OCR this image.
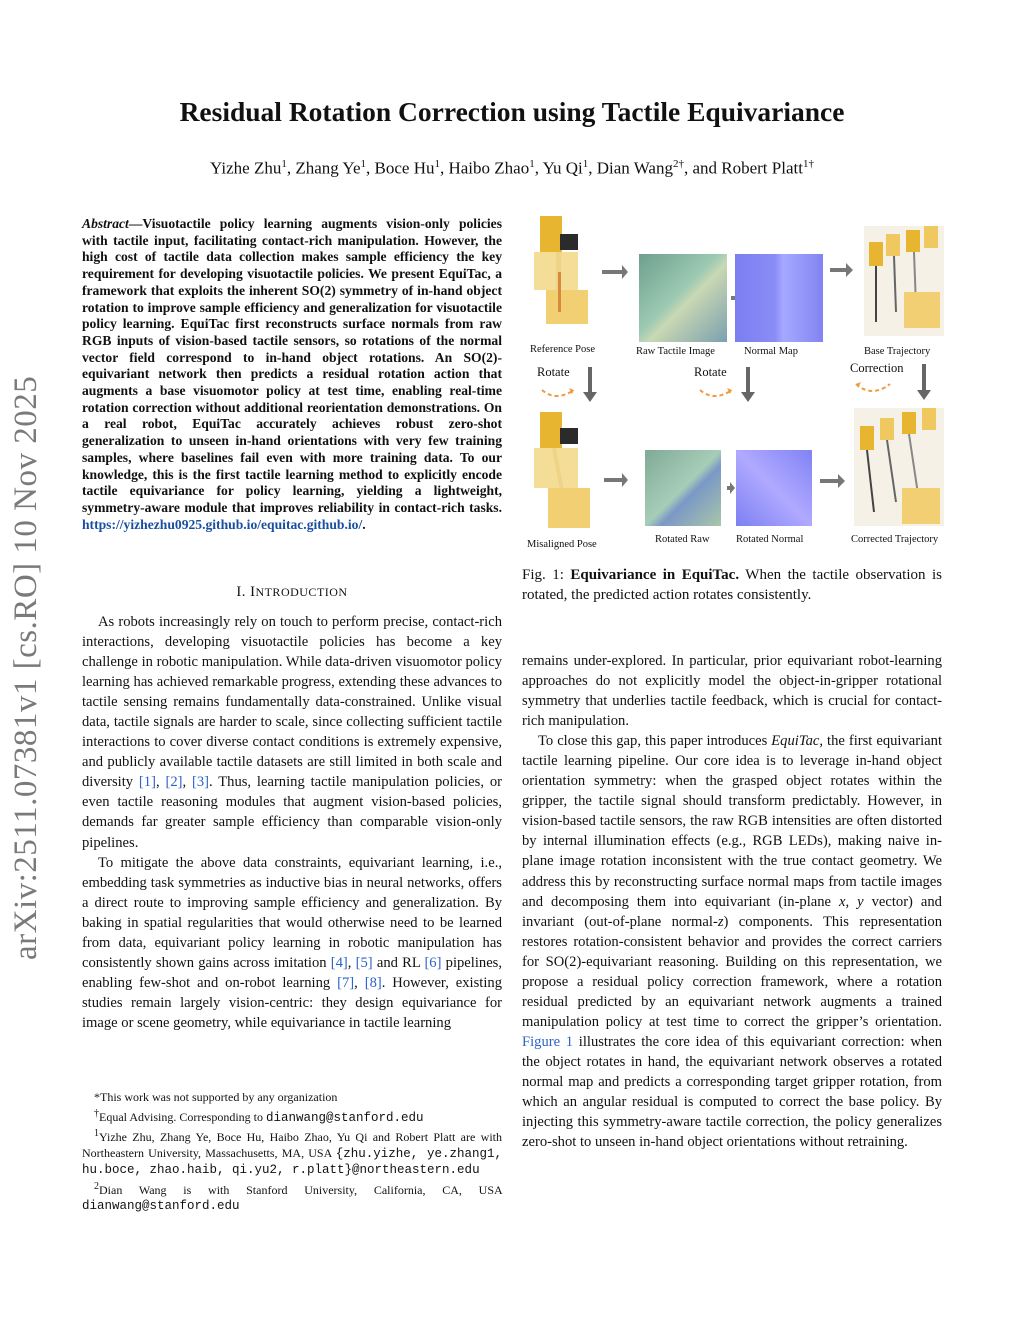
arXiv:2511.07381v1 [cs.RO] 10 Nov 2025
Residual Rotation Correction using Tactile Equivariance
Yizhe Zhu$^1$, Zhang Ye$^1$, Boce Hu$^1$, Haibo Zhao$^1$, Yu Qi$^1$, Dian Wang$^{2\dagger}$, and Robert Platt$^{1\dagger}$
Abstract—Visuotactile policy learning augments vision-only policies with tactile input, facilitating contact-rich manipulation. However, the high cost of tactile data collection makes sample efficiency the key requirement for developing visuotactile policies. We present EquiTac, a framework that exploits the inherent SO(2) symmetry of in-hand object rotation to improve sample efficiency and generalization for visuotactile policy learning. EquiTac first reconstructs surface normals from raw RGB inputs of vision-based tactile sensors, so rotations of the normal vector field correspond to in-hand object rotations. An SO(2)-equivariant network then predicts a residual rotation action that augments a base visuomotor policy at test time, enabling real-time rotation correction without additional reorientation demonstrations. On a real robot, EquiTac accurately achieves robust zero-shot generalization to unseen in-hand orientations with very few training samples, where baselines fail even with more training data. To our knowledge, this is the first tactile learning method to explicitly encode tactile equivariance for policy learning, yielding a lightweight, symmetry-aware module that improves reliability in contact-rich tasks. https://yizhezhu0925.github.io/equitac.github.io/.
I. INTRODUCTION

As robots increasingly rely on touch to perform precise, contact-rich interactions, developing visuotactile policies has become a key challenge in robotic manipulation. While data-driven visuomotor policy learning has achieved remarkable progress, extending these advances to tactile sensing remains fundamentally data-constrained. Unlike visual data, tactile signals are harder to scale, since collecting sufficient tactile interactions to cover diverse contact conditions is extremely expensive, and publicly available tactile datasets are still limited in both scale and diversity [1], [2], [3]. Thus, learning tactile manipulation policies, or even tactile reasoning modules that augment vision-based policies, demands far greater sample efficiency than comparable vision-only pipelines.

To mitigate the above data constraints, equivariant learning, i.e., embedding task symmetries as inductive bias in neural networks, offers a direct route to improving sample efficiency and generalization. By baking in spatial regularities that would otherwise need to be learned from data, equivariant policy learning in robotic manipulation has consistently shown gains across imitation [4], [5] and RL [6] pipelines, enabling few-shot and on-robot learning [7], [8]. However, existing studies remain largely vision-centric: they design equivariance for image or scene geometry, while equivariance in tactile learning

*This work was not supported by any organization
†Equal Advising. Corresponding to dianwang@stanford.edu
$^1$Yizhe Zhu, Zhang Ye, Boce Hu, Haibo Zhao, Yu Qi and Robert Platt are with Northeastern University, Massachusetts, MA, USA {zhu.yizhe, ye.zhang1, hu.boce, zhao.haib, qi.yu2, r.platt}@northeastern.edu
$^2$Dian Wang is with Stanford University, California, CA, USA dianwang@stanford.edu
Reference Pose	Raw Tactile Image	Normal Map	Base Trajectory
Rotate	Rotate	Correction
Misaligned Pose	Rotated Raw	Rotated Normal	Corrected Trajectory
Fig. 1: Equivariance in EquiTac. When the tactile observation is rotated, the predicted action rotates consistently.

remains under-explored. In particular, prior equivariant robot-learning approaches do not explicitly model the object-in-gripper rotational symmetry that underlies tactile feedback, which is crucial for contact-rich manipulation.

To close this gap, this paper introduces EquiTac, the first equivariant tactile learning pipeline. Our core idea is to leverage in-hand object orientation symmetry: when the grasped object rotates within the gripper, the tactile signal should transform predictably. However, in vision-based tactile sensors, the raw RGB intensities are often distorted by internal illumination effects (e.g., RGB LEDs), making naive in-plane image rotation inconsistent with the true contact geometry. We address this by reconstructing surface normal maps from tactile images and decomposing them into equivariant (in-plane x, y vector) and invariant (out-of-plane normal-z) components. This representation restores rotation-consistent behavior and provides the correct carriers for SO(2)-equivariant reasoning. Building on this representation, we propose a residual policy correction framework, where a rotation residual predicted by an equivariant network augments a trained manipulation policy at test time to correct the gripper’s orientation. Figure 1 illustrates the core idea of this equivariant correction: when the object rotates in hand, the equivariant network observes a rotated normal map and predicts a corresponding target gripper rotation, from which an angular residual is computed to correct the base policy. By injecting this symmetry-aware tactile correction, the policy generalizes zero-shot to unseen in-hand object orientations without retraining.
